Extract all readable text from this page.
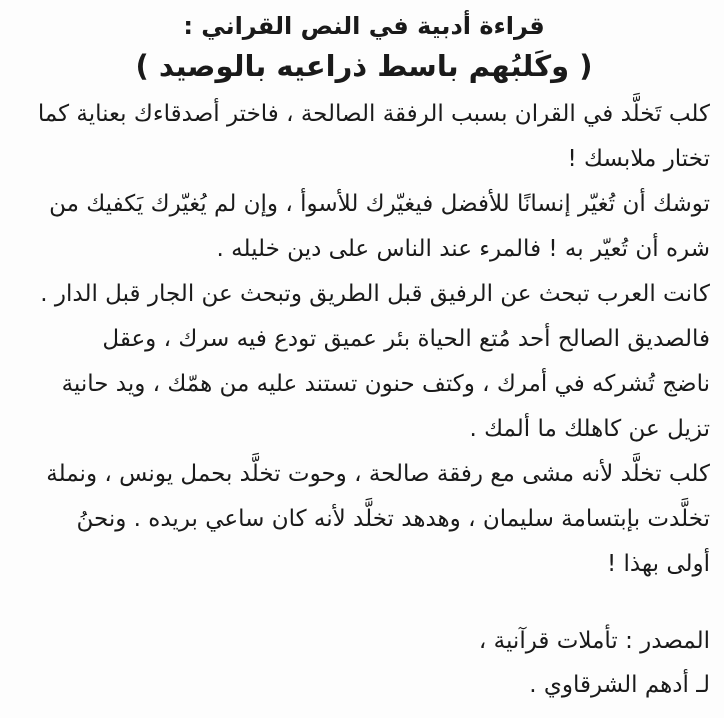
قراءة أدبية في النص القراني :
( وكَلبُهم باسط ذراعيه بالوصيد )
كلب تَخلَّد في القران بسبب الرفقة الصالحة ، فاختر أصدقاءك بعناية كما
تختار ملابسك !
توشك أن تُغيّر إنسانًا للأفضل فيغيّرك للأسوأ ، وإن لم يُغيّرك يَكفيك من
شره أن تُعيّر به ! فالمرء عند الناس على دين خليله .
كانت العرب تبحث عن الرفيق قبل الطريق وتبحث عن الجار قبل الدار .
فالصديق الصالح أحد مُتع الحياة بئر عميق تودع فيه سرك ، وعقل
ناضج تُشركه في أمرك ، وكتف حنون تستند عليه من همّك ، ويد حانية
تزيل عن كاهلك ما ألمك .
كلب تخلَّد لأنه مشى مع رفقة صالحة ، وحوت تخلَّد بحمل يونس ، ونملة
تخلَّدت بإبتسامة سليمان ، وهدهد تخلَّد لأنه كان ساعي بريده . ونحنُ
أولى بهذا !
المصدر : تأملات قرآنية ،
لـ أدهم الشرقاوي .
